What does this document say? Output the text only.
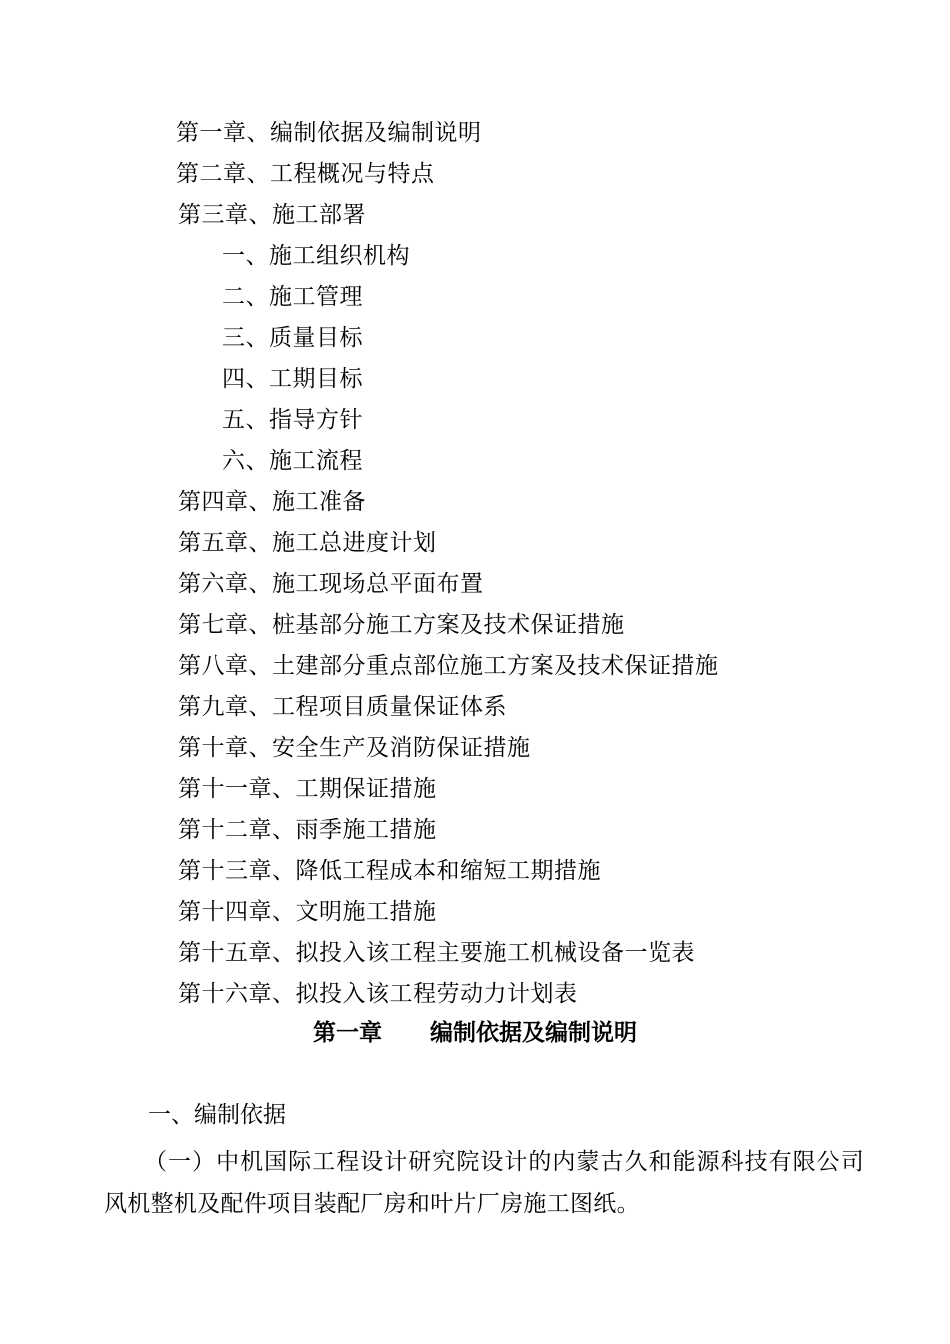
第一章、编制依据及编制说明
第二章、工程概况与特点
第三章、施工部署
一、施工组织机构
二、施工管理
三、质量目标
四、工期目标
五、指导方针
六、施工流程
第四章、施工准备
第五章、施工总进度计划
第六章、施工现场总平面布置
第七章、桩基部分施工方案及技术保证措施
第八章、土建部分重点部位施工方案及技术保证措施
第九章、工程项目质量保证体系
第十章、安全生产及消防保证措施
第十一章、工期保证措施
第十二章、雨季施工措施
第十三章、降低工程成本和缩短工期措施
第十四章、文明施工措施
第十五章、拟投入该工程主要施工机械设备一览表
第十六章、拟投入该工程劳动力计划表
第一章 编制依据及编制说明
一、编制依据
（一）中机国际工程设计研究院设计的内蒙古久和能源科技有限公司风机整机及配件项目装配厂房和叶片厂房施工图纸。
